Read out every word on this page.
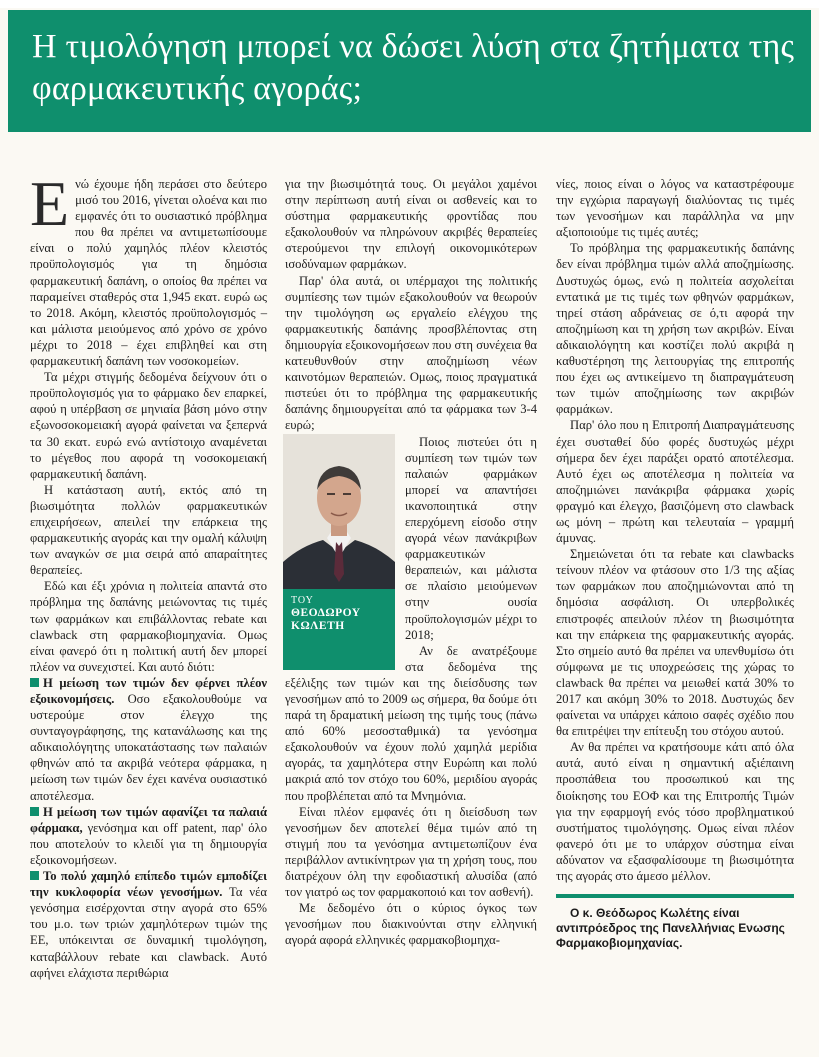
Η τιμολόγηση μπορεί να δώσει λύση στα ζητήματα της φαρμακευτικής αγοράς;

Ενώ έχουμε ήδη περάσει στο δεύτερο μισό του 2016, γίνεται ολοένα και πιο εμφανές ότι το ουσιαστικό πρόβλημα που θα πρέπει να αντιμετωπίσουμε είναι ο πολύ χαμηλός πλέον κλειστός προϋπολογισμός για τη δημόσια φαρμακευτική δαπάνη, ο οποίος θα πρέπει να παραμείνει σταθερός στα 1,945 εκατ. ευρώ ως το 2018. Ακόμη, κλειστός προϋπολογισμός – και μάλιστα μειούμενος από χρόνο σε χρόνο μέχρι το 2018 – έχει επιβληθεί και στη φαρμακευτική δαπάνη των νοσοκομείων.

Τα μέχρι στιγμής δεδομένα δείχνουν ότι ο προϋπολογισμός για το φάρμακο δεν επαρκεί, αφού η υπέρβαση σε μηνιαία βάση μόνο στην εξωνοσοκομειακή αγορά φαίνεται να ξεπερνά τα 30 εκατ. ευρώ ενώ αντίστοιχο αναμένεται το μέγεθος που αφορά τη νοσοκομειακή φαρμακευτική δαπάνη.

Η κατάσταση αυτή, εκτός από τη βιωσιμότητα πολλών φαρμακευτικών επιχειρήσεων, απειλεί την επάρκεια της φαρμακευτικής αγοράς και την ομαλή κάλυψη των αναγκών σε μια σειρά από απαραίτητες θεραπείες.

Εδώ και έξι χρόνια η πολιτεία απαντά στο πρόβλημα της δαπάνης μειώνοντας τις τιμές των φαρμάκων και επιβάλλοντας rebate και clawback στη φαρμακοβιομηχανία. Ομως είναι φανερό ότι η πολιτική αυτή δεν μπορεί πλέον να συνεχιστεί. Και αυτό διότι:

Η μείωση των τιμών δεν φέρνει πλέον εξοικονομήσεις. Οσο εξακολουθούμε να υστερούμε στον έλεγχο της συνταγογράφησης, της κατανάλωσης και της αδικαιολόγητης υποκατάστασης των παλαιών φθηνών από τα ακριβά νεότερα φάρμακα, η μείωση των τιμών δεν έχει κανένα ουσιαστικό αποτέλεσμα.

Η μείωση των τιμών αφανίζει τα παλαιά φάρμακα, γενόσημα και off patent, παρ' όλο που αποτελούν το κλειδί για τη δημιουργία εξοικονομήσεων.

Το πολύ χαμηλό επίπεδο τιμών εμποδίζει την κυκλοφορία νέων γενοσήμων. Τα νέα γενόσημα εισέρχονται στην αγορά στο 65% του μ.ο. των τριών χαμηλότερων τιμών της ΕΕ, υπόκεινται σε δυναμική τιμολόγηση, καταβάλλουν rebate και clawback. Αυτό αφήνει ελάχιστα περιθώρια

για την βιωσιμότητά τους. Οι μεγάλοι χαμένοι στην περίπτωση αυτή είναι οι ασθενείς και το σύστημα φαρμακευτικής φροντίδας που εξακολουθούν να πληρώνουν ακριβές θεραπείες στερούμενοι την επιλογή οικονομικότερων ισοδύναμων φαρμάκων.

Παρ' όλα αυτά, οι υπέρμαχοι της πολιτικής συμπίεσης των τιμών εξακολουθούν να θεωρούν την τιμολόγηση ως εργαλείο ελέγχου της φαρμακευτικής δαπάνης προσβλέποντας στη δημιουργία εξοικονομήσεων που στη συνέχεια θα κατευθυνθούν στην αποζημίωση νέων καινοτόμων θεραπειών. Ομως, ποιος πραγματικά πιστεύει ότι το πρόβλημα της φαρμακευτικής δαπάνης δημιουργείται από τα φάρμακα των 3-4 ευρώ;

ΤΟΥ
ΘΕΟΔΩΡΟΥ
ΚΩΛΕΤΗ

Ποιος πιστεύει ότι η συμπίεση των τιμών των παλαιών φαρμάκων μπορεί να απαντήσει ικανοποιητικά στην επερχόμενη είσοδο στην αγορά νέων πανάκριβων φαρμακευτικών θεραπειών, και μάλιστα σε πλαίσιο μειούμενων στην ουσία προϋπολογισμών μέχρι το 2018;

Αν δε ανατρέξουμε στα δεδομένα της εξέλιξης των τιμών και της διείσδυσης των γενοσήμων από το 2009 ως σήμερα, θα δούμε ότι παρά τη δραματική μείωση της τιμής τους (πάνω από 60% μεσοσταθμικά) τα γενόσημα εξακολουθούν να έχουν πολύ χαμηλά μερίδια αγοράς, τα χαμηλότερα στην Ευρώπη και πολύ μακριά από τον στόχο του 60%, μεριδίου αγοράς που προβλέπεται από τα Μνημόνια.

Είναι πλέον εμφανές ότι η διείσδυση των γενοσήμων δεν αποτελεί θέμα τιμών από τη στιγμή που τα γενόσημα αντιμετωπίζουν ένα περιβάλλον αντικίνητρων για τη χρήση τους, που διατρέχουν όλη την εφοδιαστική αλυσίδα (από τον γιατρό ως τον φαρμακοποιό και τον ασθενή).

Με δεδομένο ότι ο κύριος όγκος των γενοσήμων που διακινούνται στην ελληνική αγορά αφορά ελληνικές φαρμακοβιομηχα-

νίες, ποιος είναι ο λόγος να καταστρέφουμε την εγχώρια παραγωγή διαλύοντας τις τιμές των γενοσήμων και παράλληλα να μην αξιοποιούμε τις τιμές αυτές;

Το πρόβλημα της φαρμακευτικής δαπάνης δεν είναι πρόβλημα τιμών αλλά αποζημίωσης. Δυστυχώς όμως, ενώ η πολιτεία ασχολείται εντατικά με τις τιμές των φθηνών φαρμάκων, τηρεί στάση αδράνειας σε ό,τι αφορά την αποζημίωση και τη χρήση των ακριβών. Είναι αδικαιολόγητη και κοστίζει πολύ ακριβά η καθυστέρηση της λειτουργίας της επιτροπής που έχει ως αντικείμενο τη διαπραγμάτευση των τιμών αποζημίωσης των ακριβών φαρμάκων.

Παρ' όλο που η Επιτροπή Διαπραγμάτευσης έχει συσταθεί δύο φορές δυστυχώς μέχρι σήμερα δεν έχει παράξει ορατό αποτέλεσμα. Αυτό έχει ως αποτέλεσμα η πολιτεία να αποζημιώνει πανάκριβα φάρμακα χωρίς φραγμό και έλεγχο, βασιζόμενη στο clawback ως μόνη – πρώτη και τελευταία – γραμμή άμυνας.

Σημειώνεται ότι τα rebate και clawbacks τείνουν πλέον να φτάσουν στο 1/3 της αξίας των φαρμάκων που αποζημιώνονται από τη δημόσια ασφάλιση. Οι υπερβολικές επιστροφές απειλούν πλέον τη βιωσιμότητα και την επάρκεια της φαρμακευτικής αγοράς. Στο σημείο αυτό θα πρέπει να υπενθυμίσω ότι σύμφωνα με τις υποχρεώσεις της χώρας το clawback θα πρέπει να μειωθεί κατά 30% το 2017 και ακόμη 30% το 2018. Δυστυχώς δεν φαίνεται να υπάρχει κάποιο σαφές σχέδιο που θα επιτρέψει την επίτευξη του στόχου αυτού.

Αν θα πρέπει να κρατήσουμε κάτι από όλα αυτά, αυτό είναι η σημαντική αξιέπαινη προσπάθεια του προσωπικού και της διοίκησης του ΕΟΦ και της Επιτροπής Τιμών για την εφαρμογή ενός τόσο προβληματικού συστήματος τιμολόγησης. Ομως είναι πλέον φανερό ότι με το υπάρχον σύστημα είναι αδύνατον να εξασφαλίσουμε τη βιωσιμότητα της αγοράς στο άμεσο μέλλον.

Ο κ. Θεόδωρος Κωλέτης είναι αντιπρόεδρος της Πανελλήνιας Ενωσης Φαρμακοβιομηχανίας.
